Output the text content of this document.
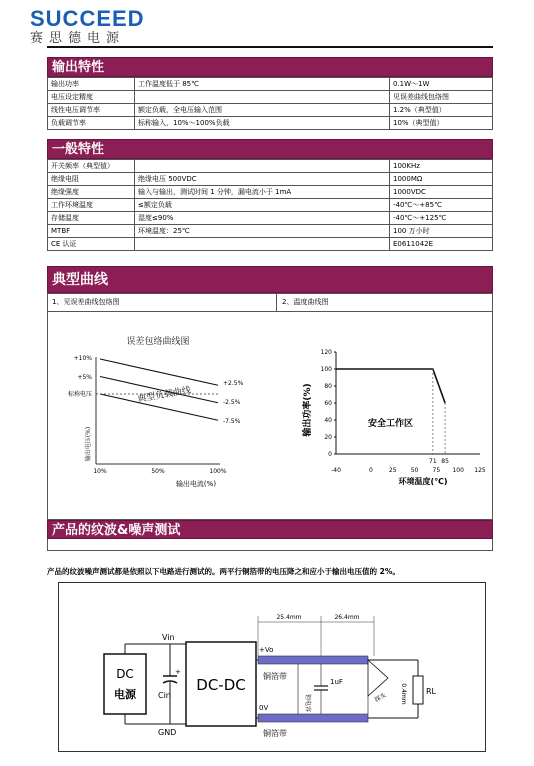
SUCCEED
赛思德电源
输出特性
输出功率	工作温度低于 85℃	0.1W～1W
电压设定精度		见误差曲线包络图
线性电压调节率	额定负载，全电压输入范围	1.2%（典型值）
负载调节率	标称输入，10%～100%负载	10%（典型值）
一般特性
开关频率（典型值）		100KHz
绝缘电阻	绝缘电压 500VDC	1000MΩ
绝缘强度	输入与输出，测试时间 1 分钟，漏电流小于 1mA	1000VDC
工作环境温度	≤额定负载	-40℃～+85℃
存储温度	湿度≤90%	-40℃～+125℃
MTBF	环境温度：25℃	100 万小时
CE 认证		E0611042E
典型曲线
1、见误差曲线包络图	2、温度曲线图
误差包络曲线图
+10%
+5%
标称电压
输出电压(%)
典型负载曲线
+2.5%
-2.5%
-7.5%
10%	50%	100%
输出电流(%)
输出功率(%)	安全工作区
环境温度(℃)
0
20
40
60
80
100
120
-40	0	25 50 75 100 125
71 85
产品的纹波&噪声测试
产品的纹波噪声测试都是依照以下电路进行测试的。两平行铜箔带的电压降之和应小于输出电压值的 2%。
DC
电源
Vin
GND
+
Cin
DC-DC
+Vo
0V
铜箔带
铜箔带
25.4mm	26.4mm
钽电容
1uF
探头
RL
0.4mm
